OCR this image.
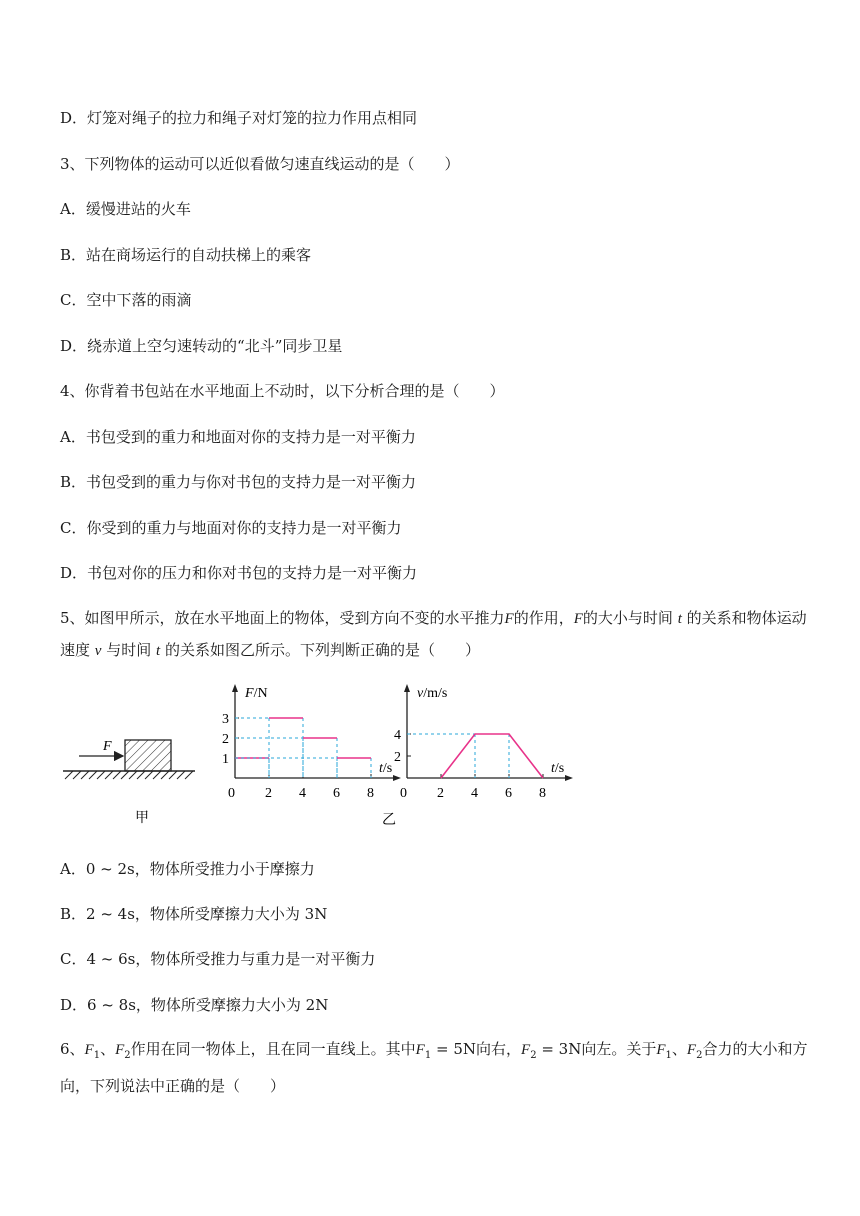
D．灯笼对绳子的拉力和绳子对灯笼的拉力作用点相同
3、下列物体的运动可以近似看做匀速直线运动的是（　　）
A．缓慢进站的火车
B．站在商场运行的自动扶梯上的乘客
C．空中下落的雨滴
D．绕赤道上空匀速转动的“北斗”同步卫星
4、你背着书包站在水平地面上不动时，以下分析合理的是（　　）
A．书包受到的重力和地面对你的支持力是一对平衡力
B．书包受到的重力与你对书包的支持力是一对平衡力
C．你受到的重力与地面对你的支持力是一对平衡力
D．书包对你的压力和你对书包的支持力是一对平衡力
5、如图甲所示，放在水平地面上的物体，受到方向不变的水平推力F的作用，F的大小与时间 t 的关系和物体运动速度 v 与时间 t 的关系如图乙所示。下列判断正确的是（　　）
F
甲
F/N
t/s
0 2 4 6 8
1
2
3
v/m/s
t/s
0 2 4 6 8
2
4
乙
A．0 ~ 2s，物体所受推力小于摩擦力
B．2 ~ 4s，物体所受摩擦力大小为 3N
C．4 ~ 6s，物体所受推力与重力是一对平衡力
D．6 ~ 8s，物体所受摩擦力大小为 2N
6、$F_1$、$F_2$作用在同一物体上，且在同一直线上。其中$F_1 = 5N$向右，$F_2 = 3N$向左。关于$F_1$、$F_2$合力的大小和方向，下列说法中正确的是（　　）
